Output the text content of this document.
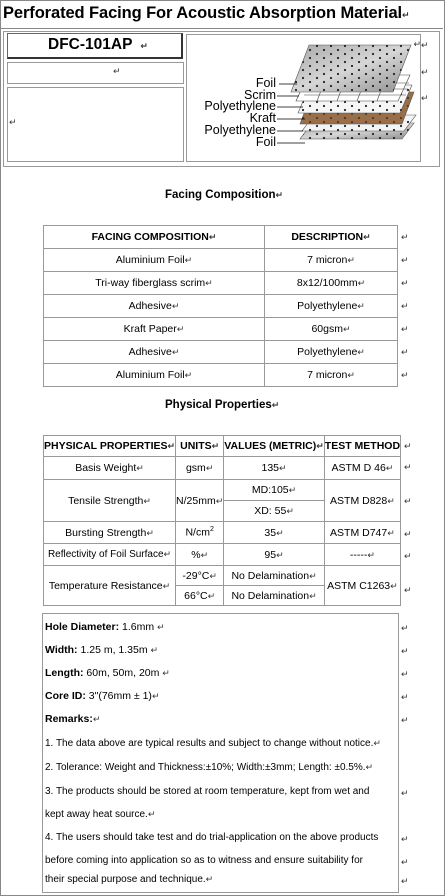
Perforated Facing For Acoustic Absorption Material↵
DFC-101AP ↵
↵
↵
↵
Foil
Scrim
Polyethylene
Kraft
Polyethylene
Foil
↵
↵
↵
Facing Composition↵
FACING COMPOSITION↵	DESCRIPTION↵
Aluminium Foil↵	7 micron↵
Tri-way fiberglass scrim↵	8x12/100mm↵
Adhesive↵	Polyethylene↵
Kraft Paper↵	60gsm↵
Adhesive↵	Polyethylene↵
Aluminium Foil↵	7 micron↵
↵
↵
↵
↵
↵
↵
↵
Physical Properties↵
PHYSICAL PROPERTIES↵	UNITS↵	VALUES (METRIC)↵	TEST METHOD
Basis Weight↵	gsm↵	135↵	ASTM D 46↵
Tensile Strength↵	N/25mm↵	MD:105↵	ASTM D828↵
		XD: 55↵	
Bursting Strength↵	$N/cm^2$	35↵	ASTM D747↵
Reflectivity of Foil Surface↵	%↵	95↵	-----↵
Temperature Resistance↵	-29°C↵	No Delamination↵	ASTM C1263↵
	66°C↵	No Delamination↵	
↵
↵
↵
↵
↵
↵
Hole Diameter: 1.6mm ↵
Width: 1.25 m, 1.35m ↵
Length: 60m, 50m, 20m ↵
Core ID: 3"(76mm ± 1)↵
Remarks:↵
1. The data above are typical results and subject to change without notice.↵
2. Tolerance: Weight and Thickness:±10%; Width:±3mm; Length: ±0.5%.↵
3. The products should be stored at room temperature, kept from wet and
kept away heat source.↵
4. The users should take test and do trial-application on the above products
before coming into application so as to witness and ensure suitability for
their special purpose and technique.↵
↵
↵
↵
↵
↵
↵
↵
↵
↵
